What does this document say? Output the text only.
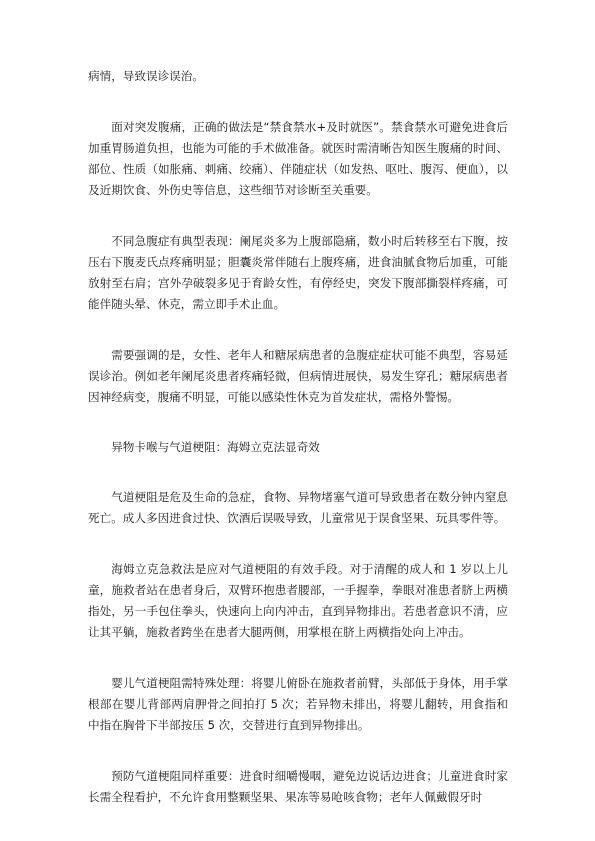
病情，导致误诊误治。

面对突发腹痛，正确的做法是“禁食禁水+及时就医”。禁食禁水可避免进食后加重胃肠道负担，也能为可能的手术做准备。就医时需清晰告知医生腹痛的时间、部位、性质（如胀痛、刺痛、绞痛）、伴随症状（如发热、呕吐、腹泻、便血），以及近期饮食、外伤史等信息，这些细节对诊断至关重要。

不同急腹症有典型表现：阑尾炎多为上腹部隐痛，数小时后转移至右下腹，按压右下腹麦氏点疼痛明显；胆囊炎常伴随右上腹疼痛，进食油腻食物后加重，可能放射至右肩；宫外孕破裂多见于育龄女性，有停经史，突发下腹部撕裂样疼痛，可能伴随头晕、休克，需立即手术止血。

需要强调的是，女性、老年人和糖尿病患者的急腹症症状可能不典型，容易延误诊治。例如老年阑尾炎患者疼痛轻微，但病情进展快，易发生穿孔；糖尿病患者因神经病变，腹痛不明显，可能以感染性休克为首发症状，需格外警惕。

异物卡喉与气道梗阻：海姆立克法显奇效

气道梗阻是危及生命的急症，食物、异物堵塞气道可导致患者在数分钟内窒息死亡。成人多因进食过快、饮酒后误吸导致，儿童常见于误食坚果、玩具零件等。

海姆立克急救法是应对气道梗阻的有效手段。对于清醒的成人和 1 岁以上儿童，施救者站在患者身后，双臂环抱患者腰部，一手握拳，拳眼对准患者脐上两横指处，另一手包住拳头，快速向上向内冲击，直到异物排出。若患者意识不清，应让其平躺，施救者跨坐在患者大腿两侧，用掌根在脐上两横指处向上冲击。

婴儿气道梗阻需特殊处理：将婴儿俯卧在施救者前臂，头部低于身体，用手掌根部在婴儿背部两肩胛骨之间拍打 5 次；若异物未排出，将婴儿翻转，用食指和中指在胸骨下半部按压 5 次，交替进行直到异物排出。

预防气道梗阻同样重要：进食时细嚼慢咽，避免边说话边进食；儿童进食时家长需全程看护，不允许食用整颗坚果、果冻等易呛咳食物；老年人佩戴假牙时
